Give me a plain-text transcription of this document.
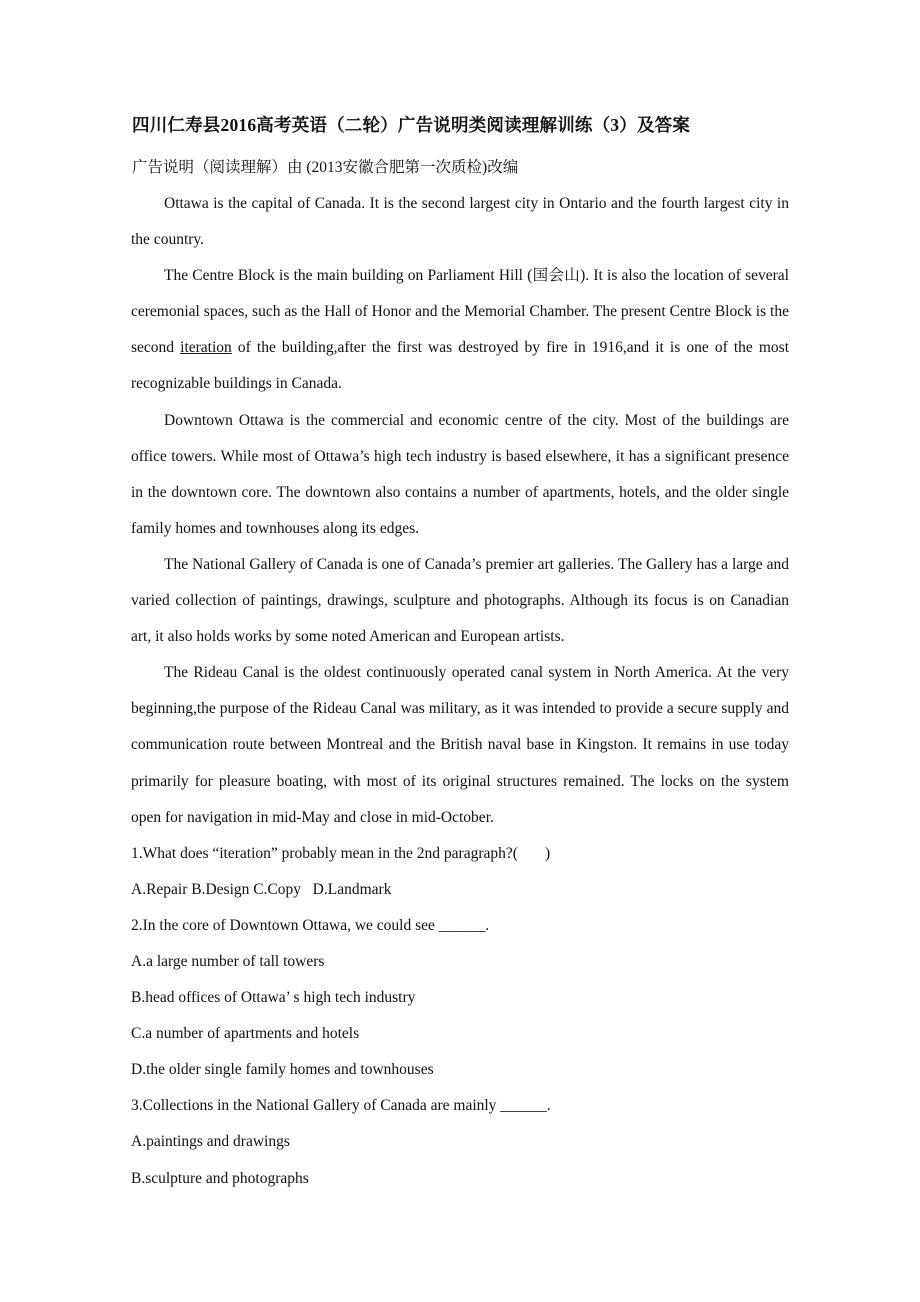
四川仁寿县2016高考英语（二轮）广告说明类阅读理解训练（3）及答案
广告说明（阅读理解）由 (2013安徽合肥第一次质检)改编

Ottawa is the capital of Canada. It is the second largest city in Ontario and the fourth largest city in the country.

The Centre Block is the main building on Parliament Hill (国会山). It is also the location of several ceremonial spaces, such as the Hall of Honor and the Memorial Chamber. The present Centre Block is the second iteration of the building,after the first was destroyed by fire in 1916,and it is one of the most recognizable buildings in Canada.

Downtown Ottawa is the commercial and economic centre of the city. Most of the buildings are office towers. While most of Ottawa’s high tech industry is based elsewhere, it has a significant presence in the downtown core. The downtown also contains a number of apartments, hotels, and the older single family homes and townhouses along its edges.

The National Gallery of Canada is one of Canada’s premier art galleries. The Gallery has a large and varied collection of paintings, drawings, sculpture and photographs. Although its focus is on Canadian art, it also holds works by some noted American and European artists.

The Rideau Canal is the oldest continuously operated canal system in North America. At the very beginning,the purpose of the Rideau Canal was military, as it was intended to provide a secure supply and communication route between Montreal and the British naval base in Kingston. It remains in use today primarily for pleasure boating, with most of its original structures remained. The locks on the system open for navigation in mid-May and close in mid-October.

1.What does “iteration” probably mean in the 2nd paragraph?(       )

A.Repair B.Design C.Copy   D.Landmark

2.In the core of Downtown Ottawa, we could see ______.

A.a large number of tall towers

B.head offices of Ottawa’ s high tech industry

C.a number of apartments and hotels

D.the older single family homes and townhouses

3.Collections in the National Gallery of Canada are mainly ______.

A.paintings and drawings

B.sculpture and photographs
